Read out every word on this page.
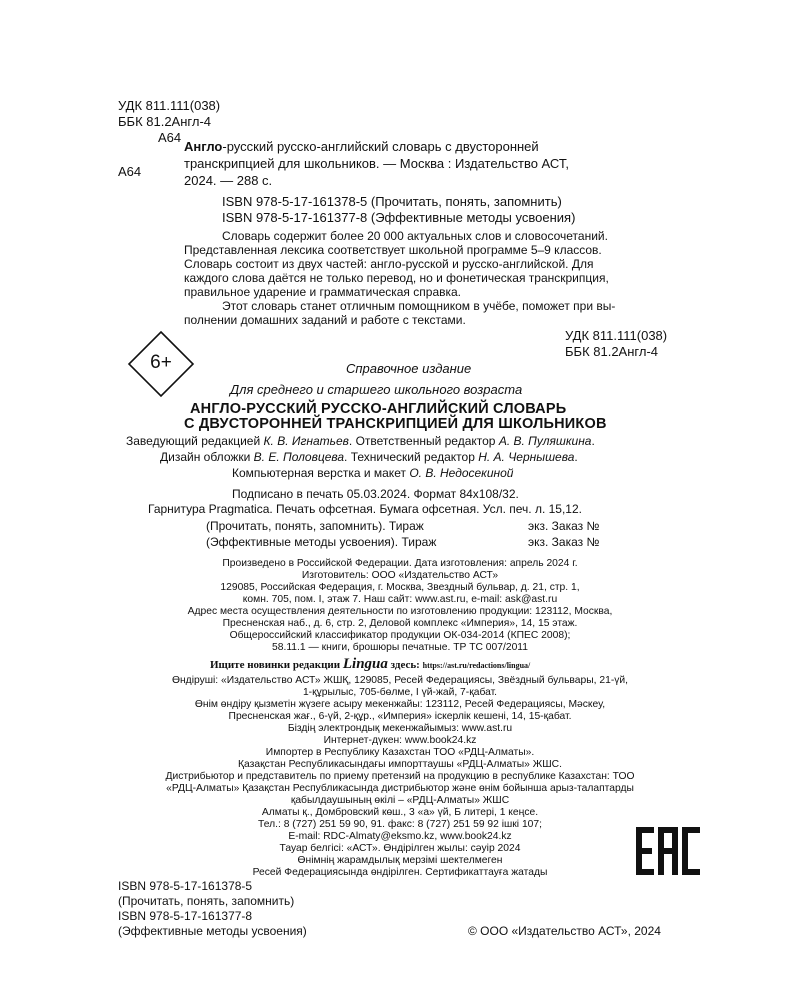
УДК 811.111(038)
ББК 81.2Англ-4
А64
А64
Англо-русский русско-английский словарь с двусторонней
транскрипцией для школьников. — Москва : Издательство АСТ,
2024. — 288 с.
ISBN 978-5-17-161378-5 (Прочитать, понять, запомнить)
ISBN 978-5-17-161377-8 (Эффективные методы усвоения)
Словарь содержит более 20 000 актуальных слов и словосочетаний.
Представленная лексика соответствует школьной программе 5–9 классов.
Словарь состоит из двух частей: англо-русской и русско-английской. Для
каждого слова даётся не только перевод, но и фонетическая транскрипция,
правильное ударение и грамматическая справка.
Этот словарь станет отличным помощником в учёбе, поможет при вы-
полнении домашних заданий и работе с текстами.
УДК 811.111(038)
ББК 81.2Англ-4
6+	Справочное издание
Для среднего и старшего школьного возраста
АНГЛО-РУССКИЙ РУССКО-АНГЛИЙСКИЙ СЛОВАРЬ
С ДВУСТОРОННЕЙ ТРАНСКРИПЦИЕЙ ДЛЯ ШКОЛЬНИКОВ
Заведующий редакцией К. В. Игнатьев. Ответственный редактор А. В. Пуляшкина.
Дизайн обложки В. Е. Половцева. Технический редактор Н. А. Чернышева.
Компьютерная верстка и макет О. В. Недосекиной
Подписано в печать 05.03.2024. Формат 84x108/32.
Гарнитура Pragmatica. Печать офсетная. Бумага офсетная. Усл. печ. л. 15,12.
(Прочитать, понять, запомнить). Тираж	экз. Заказ №
(Эффективные методы усвоения). Тираж	экз. Заказ №
Произведено в Российской Федерации. Дата изготовления: апрель 2024 г.
Изготовитель: ООО «Издательство АСТ»
129085, Российская Федерация, г. Москва, Звездный бульвар, д. 21, стр. 1,
комн. 705, пом. I, этаж 7. Наш сайт: www.ast.ru, e-mail: ask@ast.ru
Адрес места осуществления деятельности по изготовлению продукции: 123112, Москва,
Пресненская наб., д. 6, стр. 2, Деловой комплекс «Империя», 14, 15 этаж.
Общероссийский классификатор продукции ОК-034-2014 (КПЕС 2008);
58.11.1 — книги, брошюры печатные. ТР ТС 007/2011
Ищите новинки редакции Lingua здесь: https://ast.ru/redactions/lingua/
Өндіруші: «Издательство АСТ» ЖШҚ, 129085, Ресей Федерациясы, Звёздный бульвары, 21-үй,
1-құрылыс, 705-бөлме, I үй-жай, 7-қабат.
Өнім өндіру қызметін жүзеге асыру мекенжайы: 123112, Ресей Федерациясы, Мәскеу,
Пресненская жағ., 6-үй, 2-құр., «Империя» іскерлік кешені, 14, 15-қабат.
Біздің электрондық мекенжайымыз: www.ast.ru
Интернет-дүкен: www.book24.kz
Импортер в Республику Казахстан ТОО «РДЦ-Алматы».
Қазақстан Республикасындағы импорттаушы «РДЦ-Алматы» ЖШС.
Дистрибьютор и представитель по приему претензий на продукцию в республике Казахстан: ТОО
«РДЦ-Алматы» Қазақстан Республикасында дистрибьютор және өнім бойынша арыз-талаптарды
қабылдаушының өкілі – «РДЦ-Алматы» ЖШС
Алматы қ., Домбровский көш., 3 «а» үй, Б литері, 1 кеңсе.
Тел.: 8 (727) 251 59 90, 91. факс: 8 (727) 251 59 92 ішкі 107;
E-mail: RDC-Almaty@eksmo.kz, www.book24.kz
Тауар белгісі: «АСТ». Өндірілген жылы: сәуір 2024
Өнімнің жарамдылық мерзімі шектелмеген
Ресей Федерациясында өндірілген. Сертификаттауға жатады
ISBN 978-5-17-161378-5
(Прочитать, понять, запомнить)
ISBN 978-5-17-161377-8
(Эффективные методы усвоения)	© ООО «Издательство АСТ», 2024
